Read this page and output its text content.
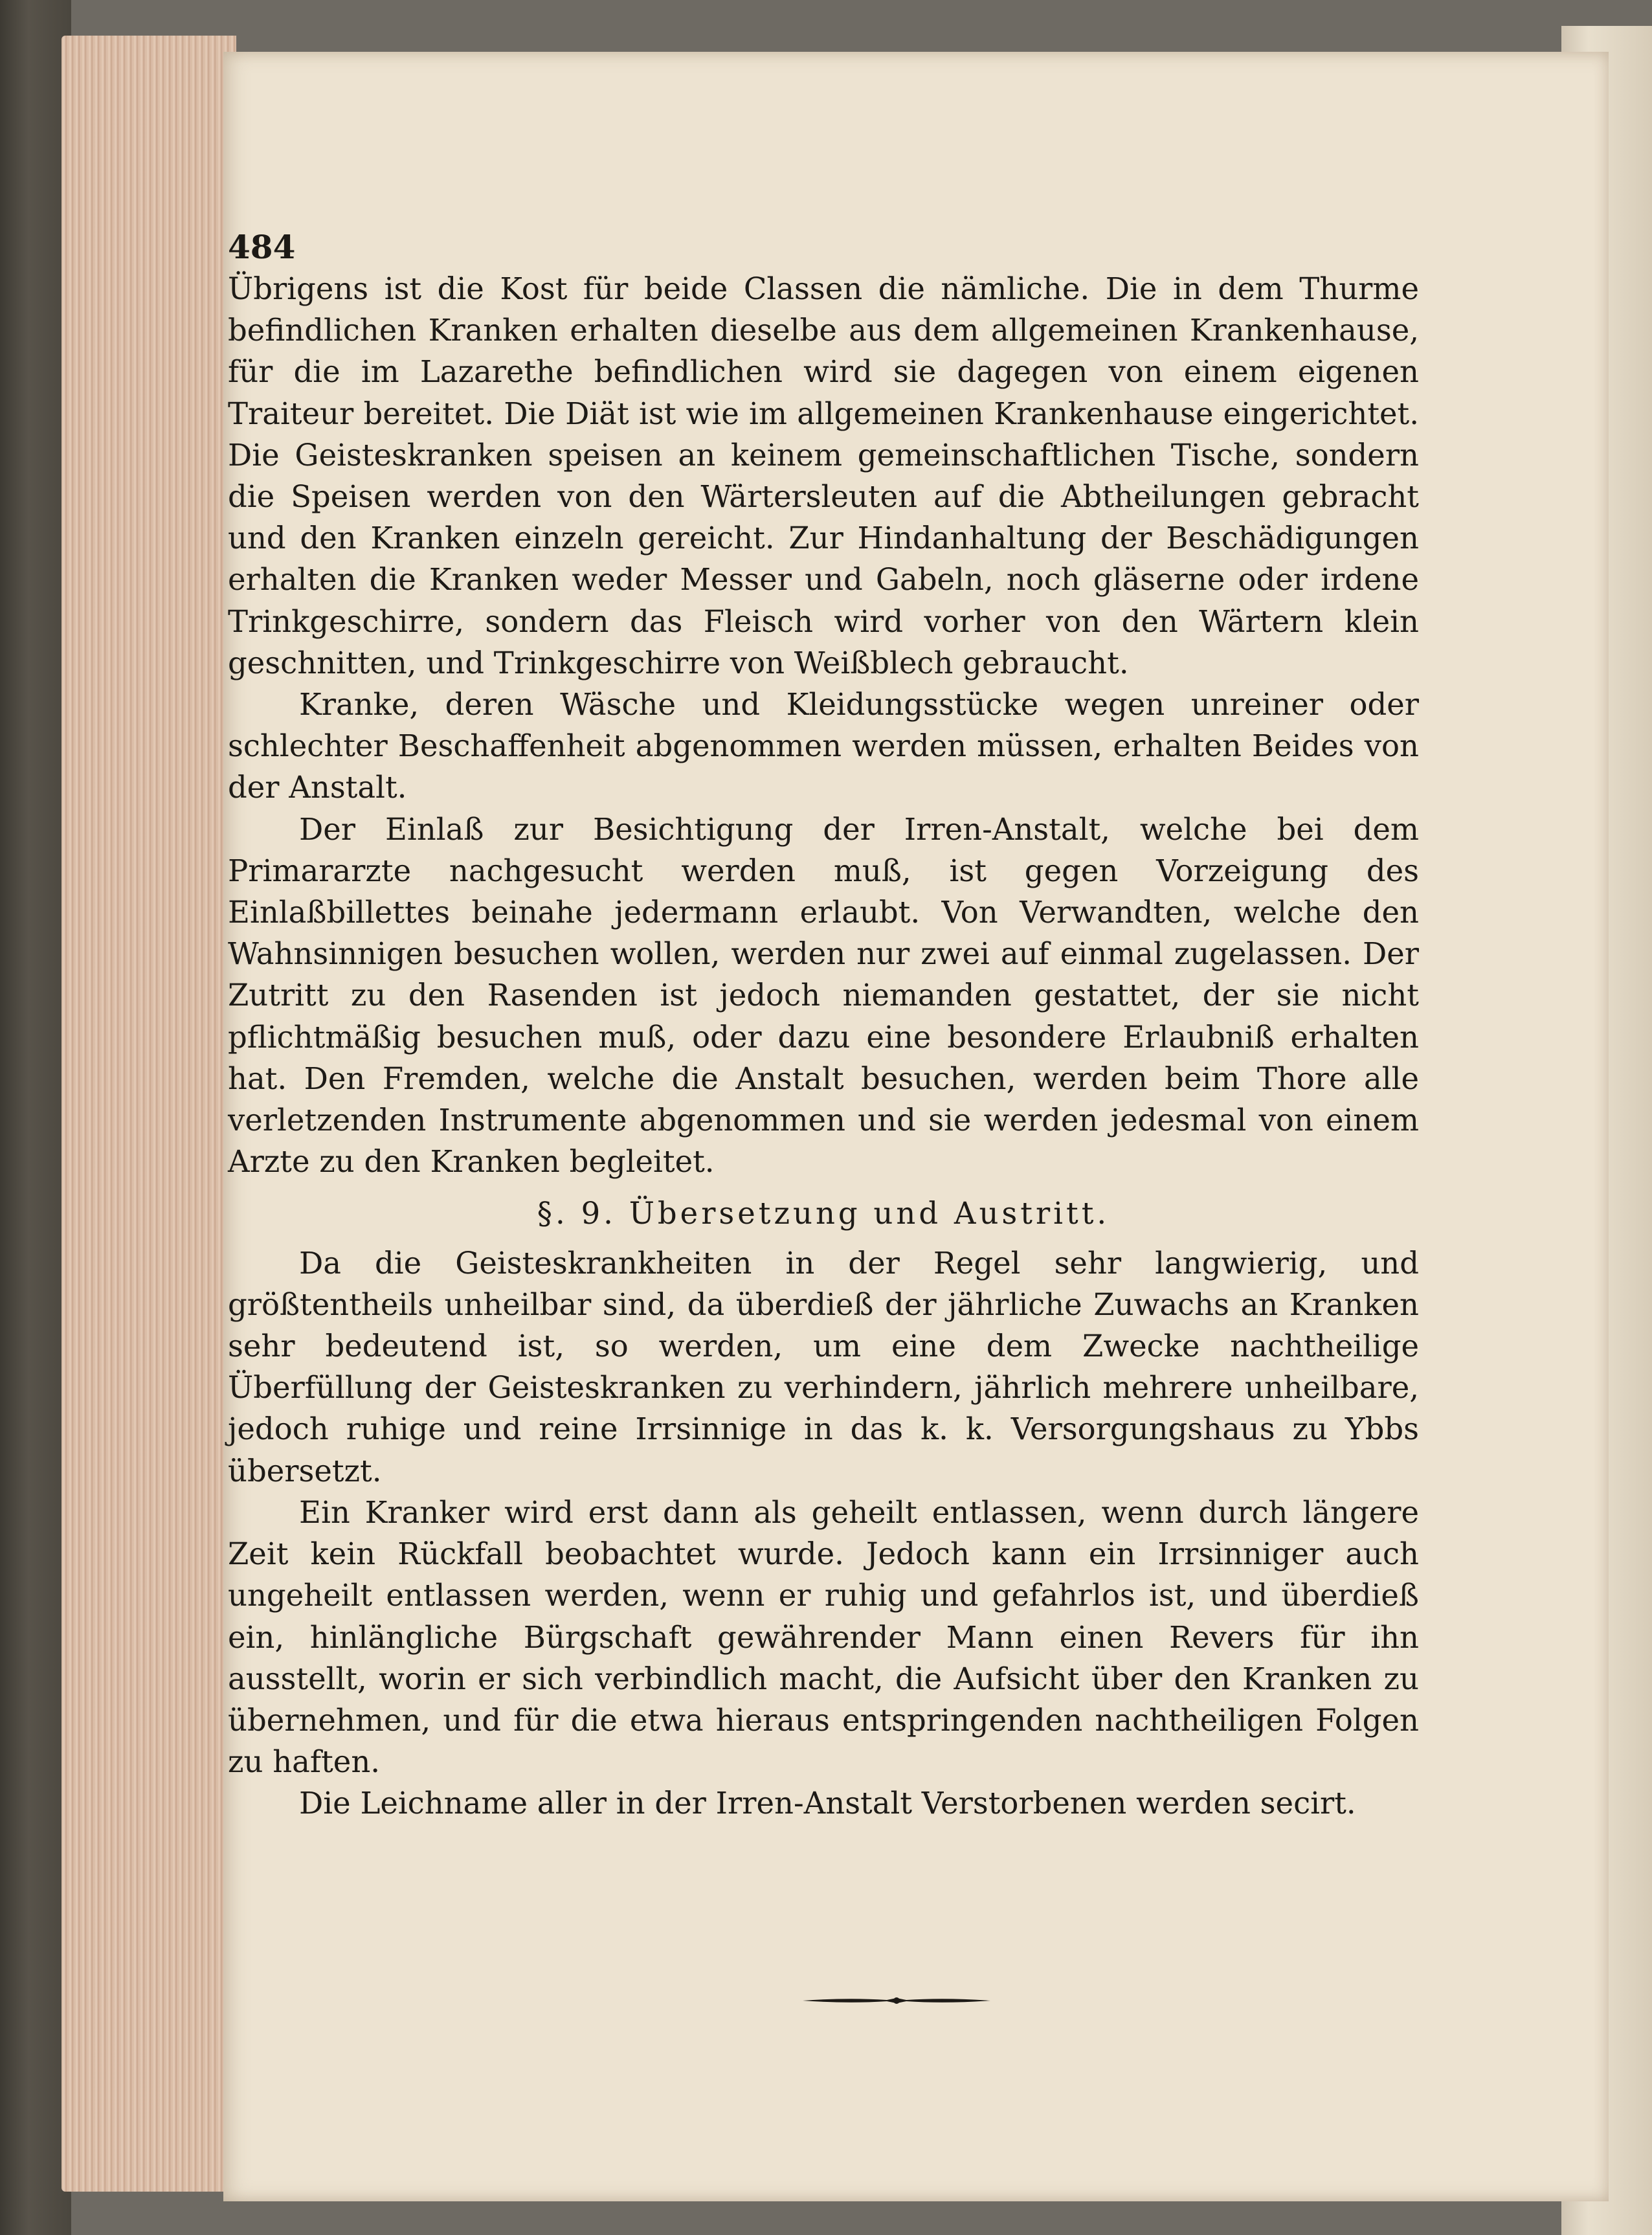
484

Übrigens ist die Kost für beide Classen die nämliche. Die in dem Thurme befindlichen Kranken erhalten dieselbe aus dem allgemeinen Krankenhause, für die im Lazarethe befindlichen wird sie dagegen von einem eigenen Traiteur bereitet. Die Diät ist wie im allgemeinen Krankenhause eingerichtet. Die Geisteskranken speisen an keinem gemeinschaftlichen Tische, sondern die Speisen werden von den Wärtersleuten auf die Abtheilungen gebracht und den Kranken einzeln gereicht. Zur Hindanhaltung der Beschädigungen erhalten die Kranken weder Messer und Gabeln, noch gläserne oder irdene Trinkgeschirre, sondern das Fleisch wird vorher von den Wärtern klein geschnitten, und Trinkgeschirre von Weißblech gebraucht.

Kranke, deren Wäsche und Kleidungsstücke wegen unreiner oder schlechter Beschaffenheit abgenommen werden müssen, erhalten Beides von der Anstalt.

Der Einlaß zur Besichtigung der Irren-Anstalt, welche bei dem Primararzte nachgesucht werden muß, ist gegen Vorzeigung des Einlaßbillettes beinahe jedermann erlaubt. Von Verwandten, welche den Wahnsinnigen besuchen wollen, werden nur zwei auf einmal zugelassen. Der Zutritt zu den Rasenden ist jedoch niemanden gestattet, der sie nicht pflichtmäßig besuchen muß, oder dazu eine besondere Erlaubniß erhalten hat. Den Fremden, welche die Anstalt besuchen, werden beim Thore alle verletzenden Instrumente abgenommen und sie werden jedesmal von einem Arzte zu den Kranken begleitet.

§. 9. Übersetzung und Austritt.

Da die Geisteskrankheiten in der Regel sehr langwierig, und größtentheils unheilbar sind, da überdieß der jährliche Zuwachs an Kranken sehr bedeutend ist, so werden, um eine dem Zwecke nachtheilige Überfüllung der Geisteskranken zu verhindern, jährlich mehrere unheilbare, jedoch ruhige und reine Irrsinnige in das k. k. Versorgungshaus zu Ybbs übersetzt.

Ein Kranker wird erst dann als geheilt entlassen, wenn durch längere Zeit kein Rückfall beobachtet wurde. Jedoch kann ein Irrsinniger auch ungeheilt entlassen werden, wenn er ruhig und gefahrlos ist, und überdieß ein, hinlängliche Bürgschaft gewährender Mann einen Revers für ihn ausstellt, worin er sich verbindlich macht, die Aufsicht über den Kranken zu übernehmen, und für die etwa hieraus entspringenden nachtheiligen Folgen zu haften.

Die Leichname aller in der Irren-Anstalt Verstorbenen werden secirt.
